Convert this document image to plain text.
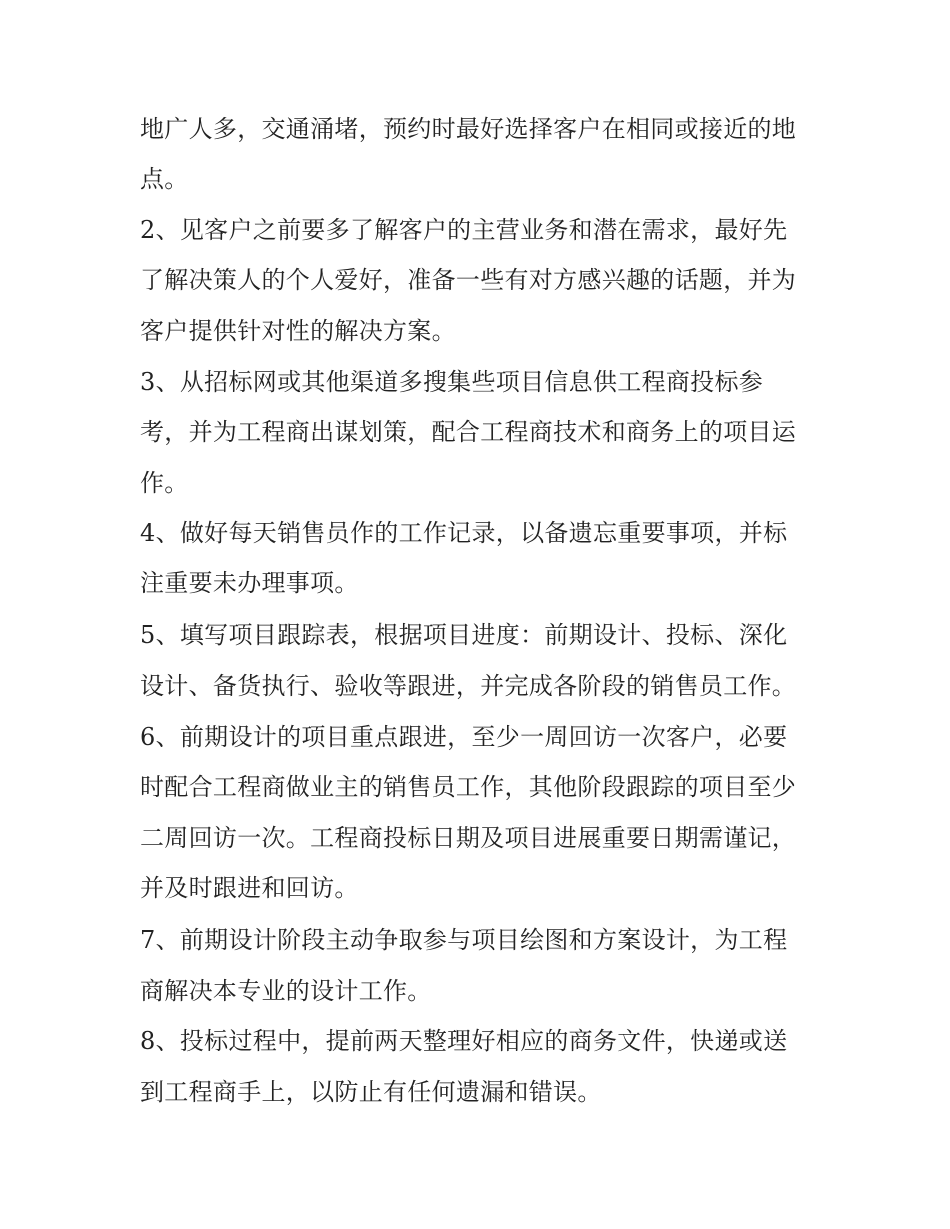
地广人多，交通涌堵，预约时最好选择客户在相同或接近的地
点。
2、见客户之前要多了解客户的主营业务和潜在需求，最好先
了解决策人的个人爱好，准备一些有对方感兴趣的话题，并为
客户提供针对性的解决方案。
3、从招标网或其他渠道多搜集些项目信息供工程商投标参
考，并为工程商出谋划策，配合工程商技术和商务上的项目运
作。
4、做好每天销售员作的工作记录，以备遗忘重要事项，并标
注重要未办理事项。
5、填写项目跟踪表，根据项目进度：前期设计、投标、深化
设计、备货执行、验收等跟进，并完成各阶段的销售员工作。
6、前期设计的项目重点跟进，至少一周回访一次客户，必要
时配合工程商做业主的销售员工作，其他阶段跟踪的项目至少
二周回访一次。工程商投标日期及项目进展重要日期需谨记，
并及时跟进和回访。
7、前期设计阶段主动争取参与项目绘图和方案设计，为工程
商解决本专业的设计工作。
8、投标过程中，提前两天整理好相应的商务文件，快递或送
到工程商手上，以防止有任何遗漏和错误。
